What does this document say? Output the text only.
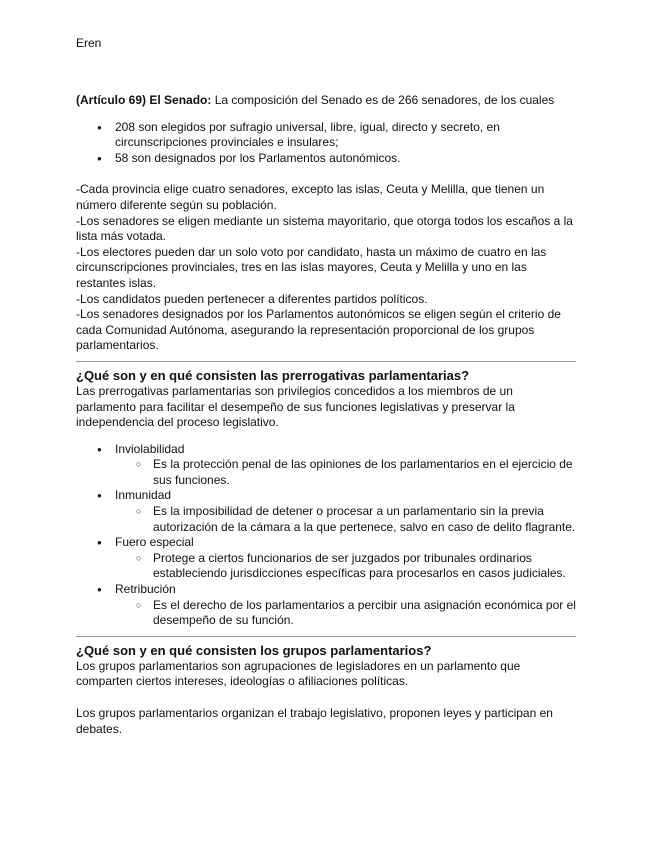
Eren

(Artículo 69) El Senado: La composición del Senado es de 266 senadores, de los cuales

● 208 son elegidos por sufragio universal, libre, igual, directo y secreto, en circunscripciones provinciales e insulares;
● 58 son designados por los Parlamentos autonómicos.

-Cada provincia elige cuatro senadores, excepto las islas, Ceuta y Melilla, que tienen un número diferente según su población.

-Los senadores se eligen mediante un sistema mayoritario, que otorga todos los escaños a la lista más votada.

-Los electores pueden dar un solo voto por candidato, hasta un máximo de cuatro en las circunscripciones provinciales, tres en las islas mayores, Ceuta y Melilla y uno en las restantes islas.

-Los candidatos pueden pertenecer a diferentes partidos políticos.

-Los senadores designados por los Parlamentos autonómicos se eligen según el criterio de cada Comunidad Autónoma, asegurando la representación proporcional de los grupos parlamentarios.

¿Qué son y en qué consisten las prerrogativas parlamentarias?

Las prerrogativas parlamentarias son privilegios concedidos a los miembros de un parlamento para facilitar el desempeño de sus funciones legislativas y preservar la independencia del proceso legislativo.

● Inviolabilidad
○ Es la protección penal de las opiniones de los parlamentarios en el ejercicio de sus funciones.
● Inmunidad
○ Es la imposibilidad de detener o procesar a un parlamentario sin la previa autorización de la cámara a la que pertenece, salvo en caso de delito flagrante.
● Fuero especial
○ Protege a ciertos funcionarios de ser juzgados por tribunales ordinarios estableciendo jurisdicciones específicas para procesarlos en casos judiciales.
● Retribución
○ Es el derecho de los parlamentarios a percibir una asignación económica por el desempeño de su función.
¿Qué son y en qué consisten los grupos parlamentarios?

Los grupos parlamentarios son agrupaciones de legisladores en un parlamento que comparten ciertos intereses, ideologías o afiliaciones políticas.

Los grupos parlamentarios organizan el trabajo legislativo, proponen leyes y participan en debates.
